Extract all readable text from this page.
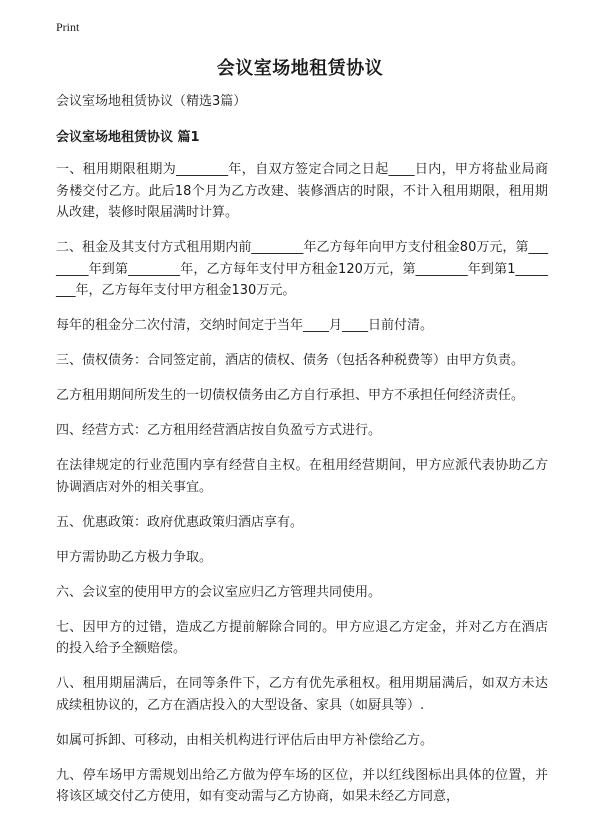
Print
会议室场地租赁协议

会议室场地租赁协议（精选3篇）

会议室场地租赁协议 篇1

一、租用期限租期为________年，自双方签定合同之日起____日内，甲方将盐业局商务楼交付乙方。此后18个月为乙方改建、装修酒店的时限，不计入租用期限，租用期从改建，装修时限届满时计算。

二、租金及其支付方式租用期内前________年乙方每年向甲方支付租金80万元，第________年到第________年，乙方每年支付甲方租金120万元，第________年到第1________年，乙方每年支付甲方租金130万元。

每年的租金分二次付清，交纳时间定于当年____月____日前付清。

三、债权债务：合同签定前，酒店的债权、债务（包括各种税费等）由甲方负责。

乙方租用期间所发生的一切债权债务由乙方自行承担、甲方不承担任何经济责任。

四、经营方式：乙方租用经营酒店按自负盈亏方式进行。

在法律规定的行业范围内享有经营自主权。在租用经营期间，甲方应派代表协助乙方协调酒店对外的相关事宜。

五、优惠政策：政府优惠政策归酒店享有。

甲方需协助乙方极力争取。

六、会议室的使用甲方的会议室应归乙方管理共同使用。

七、因甲方的过错，造成乙方提前解除合同的。甲方应退乙方定金，并对乙方在酒店的投入给予全额赔偿。

八、租用期届满后，在同等条件下，乙方有优先承租权。租用期届满后，如双方未达成续租协议的，乙方在酒店投入的大型设备、家具（如厨具等）.

如属可拆卸、可移动，由相关机构进行评估后由甲方补偿给乙方。

九、停车场甲方需规划出给乙方做为停车场的区位，并以红线图标出具体的位置，并将该区域交付乙方使用，如有变动需与乙方协商，如果未经乙方同意，
